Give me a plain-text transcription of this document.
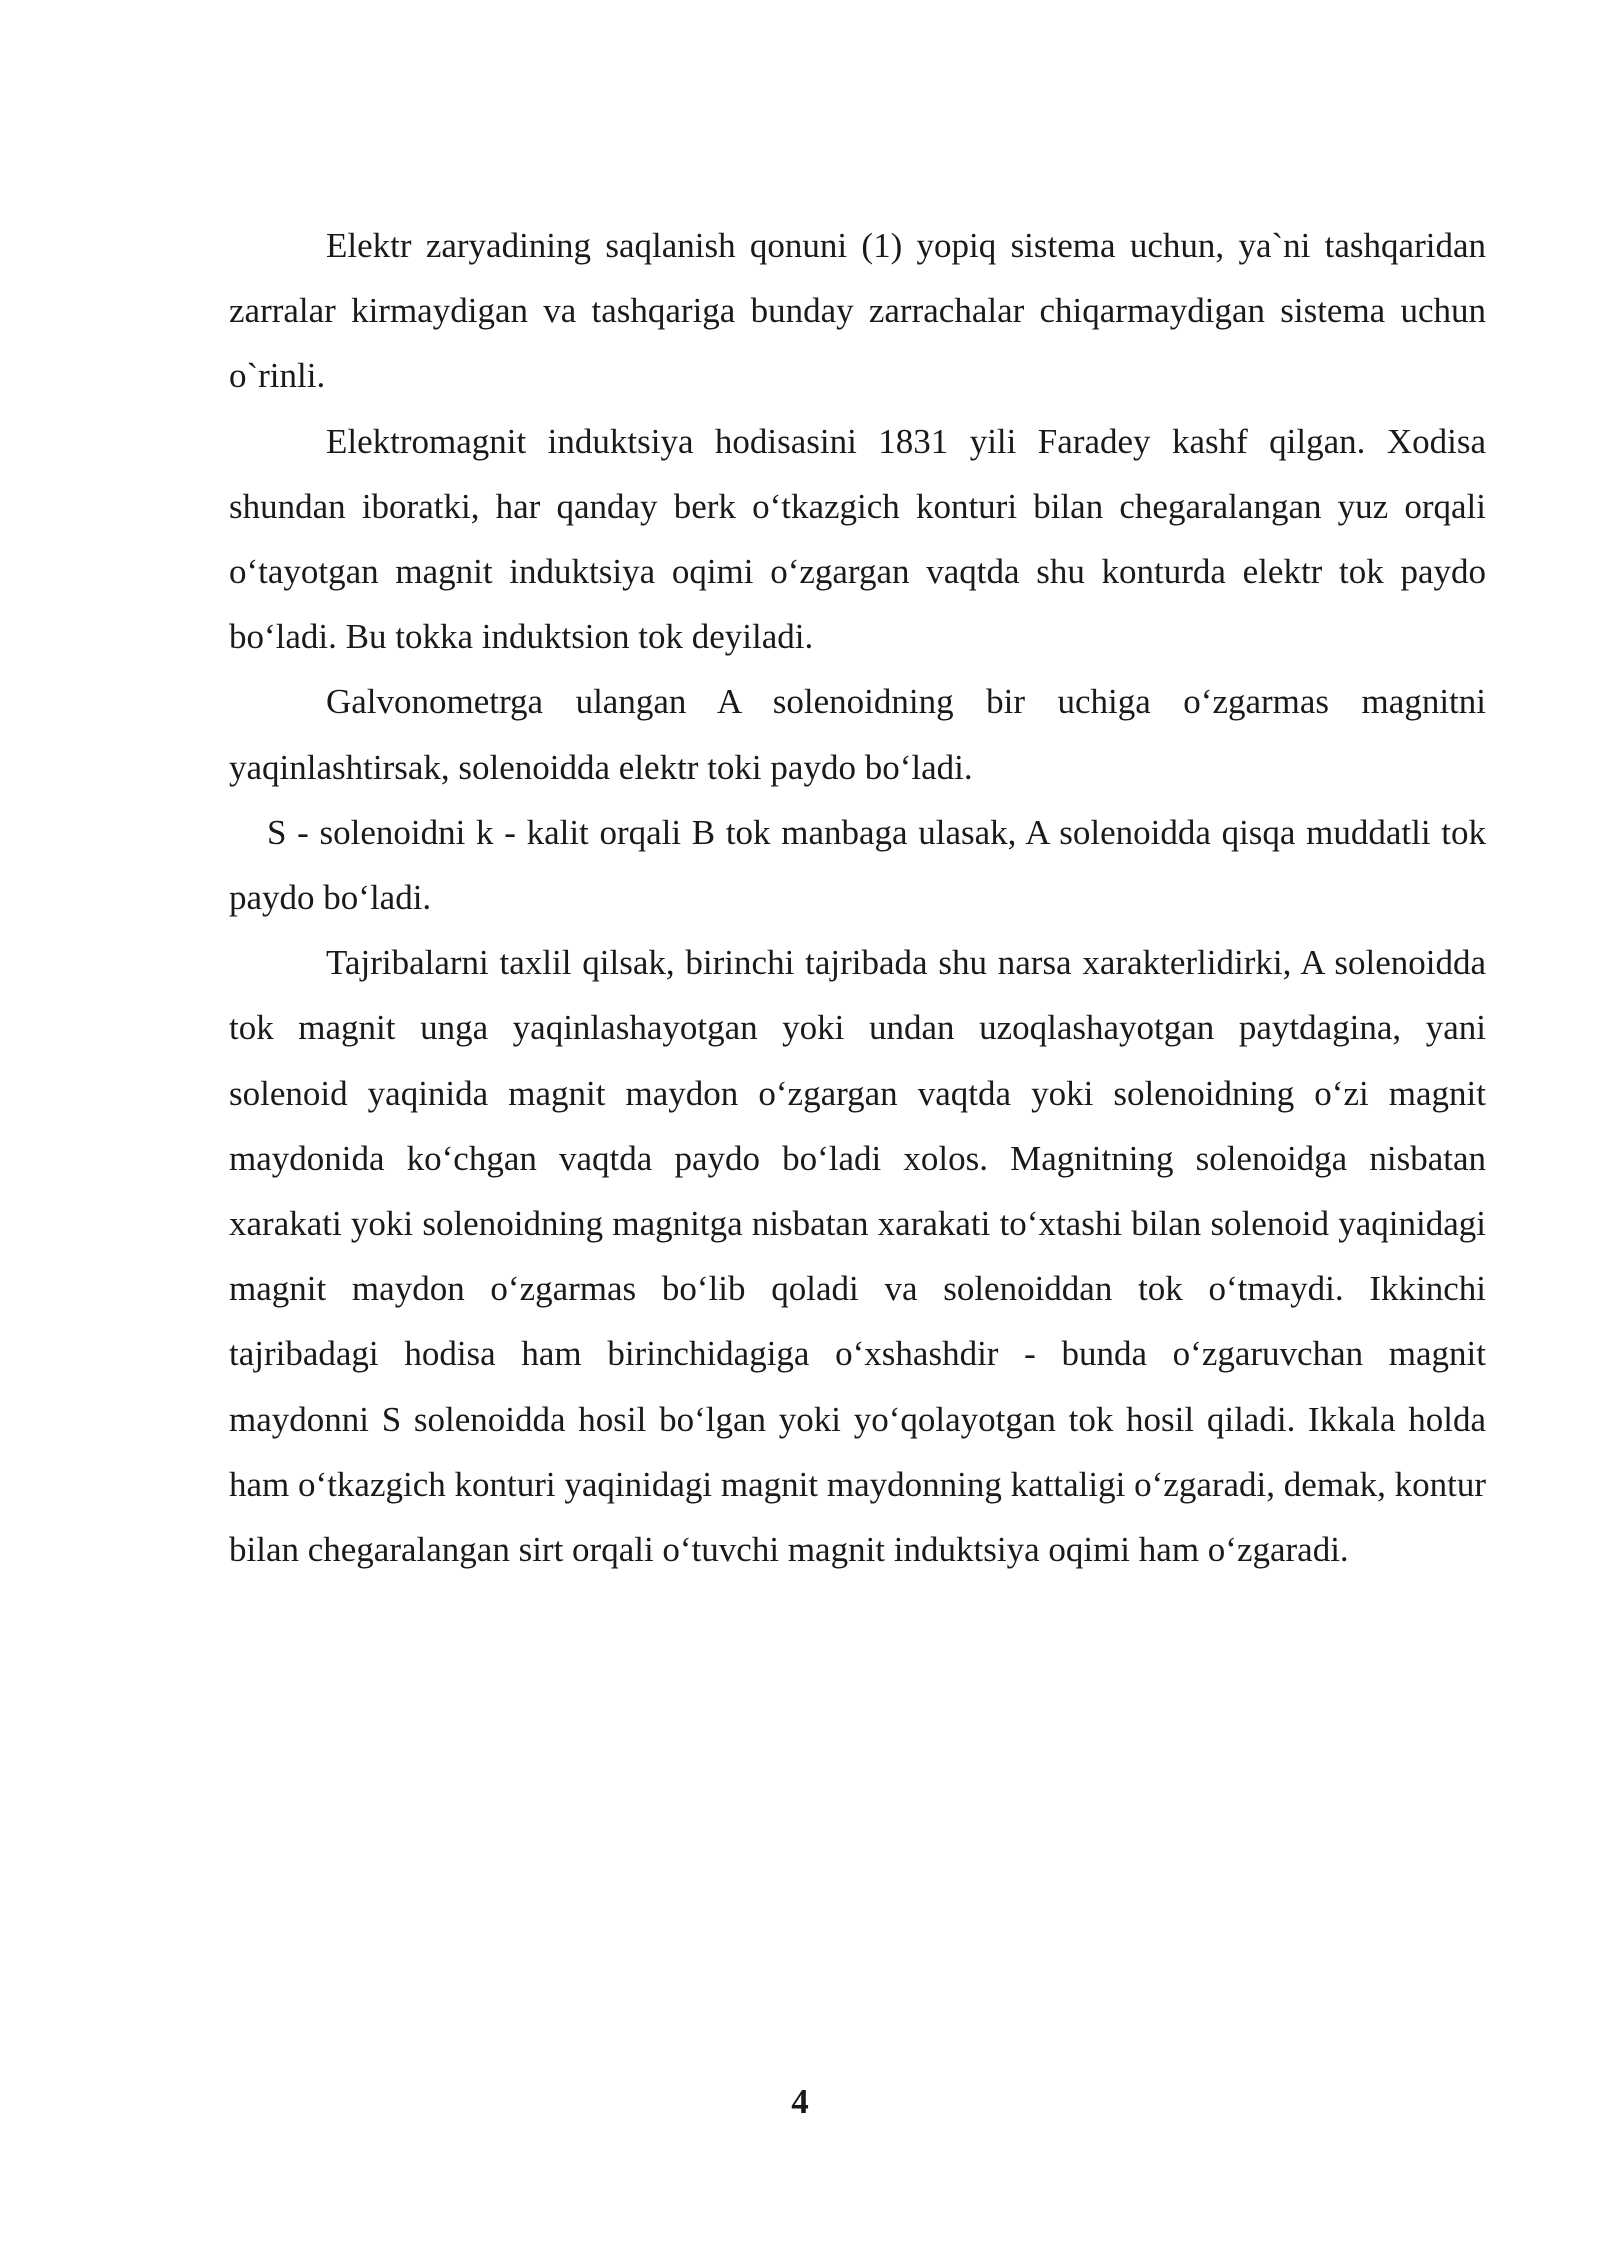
Elektr zaryadining saqlanish qonuni (1) yopiq sistema uchun, ya`ni tashqaridan zarralar kirmaydigan va tashqariga bunday zarrachalar chiqarmaydigan sistema uchun o`rinli.

Elektromagnit induktsiya hodisasini 1831 yili Faradey kashf qilgan. Xodisa shundan iboratki, har qanday berk o‘tkazgich konturi bilan chegaralangan yuz orqali o‘tayotgan magnit induktsiya oqimi o‘zgargan vaqtda shu konturda elektr tok paydo bo‘ladi. Bu tokka induktsion tok deyiladi.

Galvonometrga ulangan A solenoidning bir uchiga o‘zgarmas magnitni yaqinlashtirsak, solenoidda elektr toki paydo bo‘ladi.

S - solenoidni k - kalit orqali B tok manbaga ulasak, A solenoidda qisqa muddatli tok paydo bo‘ladi.

Tajribalarni taxlil qilsak, birinchi tajribada shu narsa xarakterlidirki, A solenoidda tok magnit unga yaqinlashayotgan yoki undan uzoqlashayotgan paytdagina, yani solenoid yaqinida magnit maydon o‘zgargan vaqtda yoki solenoidning o‘zi magnit maydonida ko‘chgan vaqtda paydo bo‘ladi xolos. Magnitning solenoidga nisbatan xarakati yoki solenoidning magnitga nisbatan xarakati to‘xtashi bilan solenoid yaqinidagi magnit maydon o‘zgarmas bo‘lib qoladi va solenoiddan tok o‘tmaydi. Ikkinchi tajribadagi hodisa ham birinchidagiga o‘xshashdir - bunda o‘zgaruvchan magnit maydonni S solenoidda hosil bo‘lgan yoki yo‘qolayotgan tok hosil qiladi. Ikkala holda ham o‘tkazgich konturi yaqinidagi magnit maydonning kattaligi o‘zgaradi, demak, kontur bilan chegaralangan sirt orqali o‘tuvchi magnit induktsiya oqimi ham o‘zgaradi.

4
